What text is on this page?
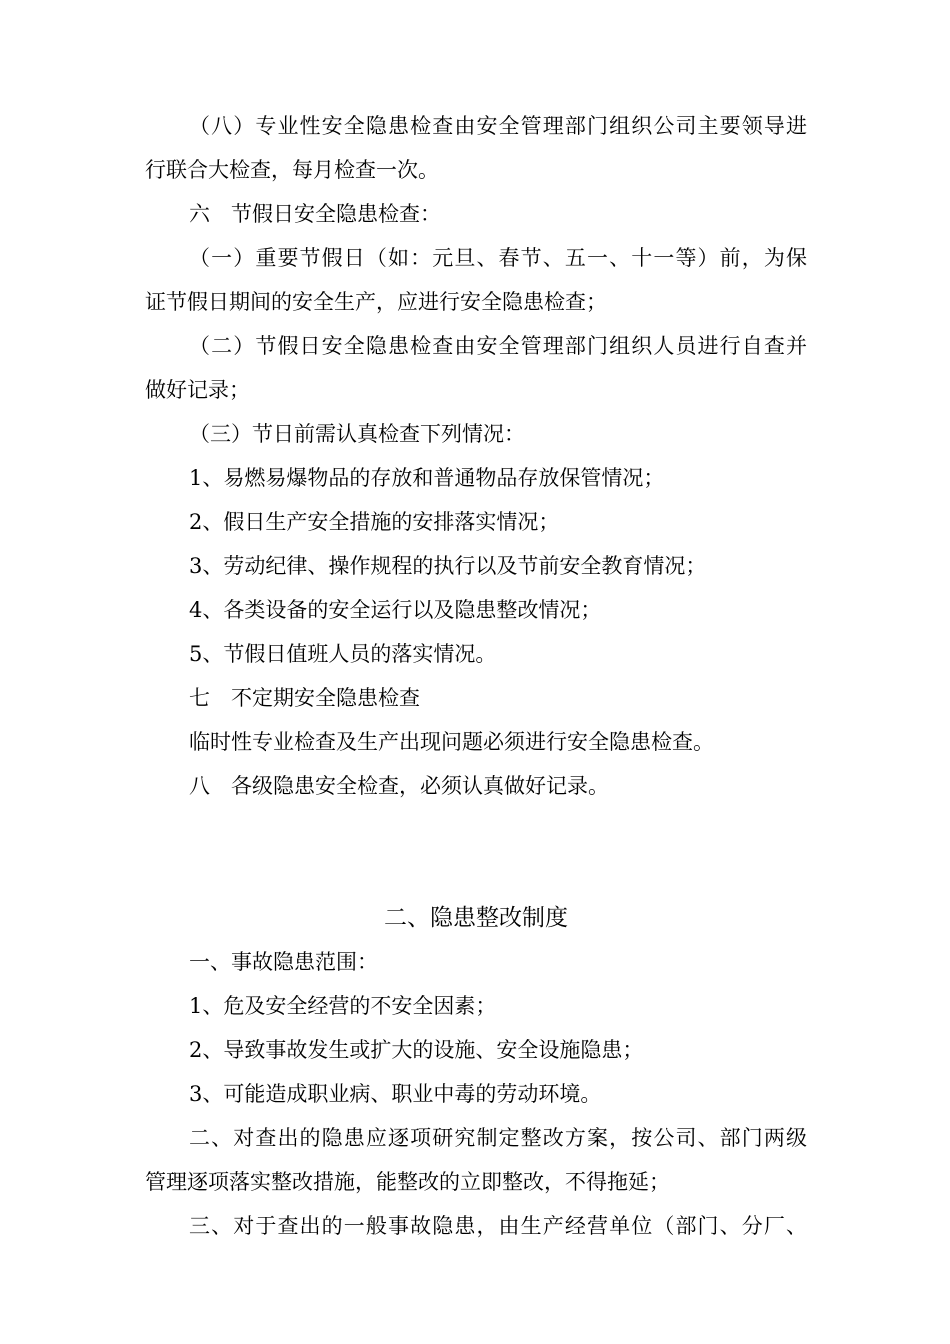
（八）专业性安全隐患检查由安全管理部门组织公司主要领导进
行联合大检查，每月检查一次。
六　节假日安全隐患检查：
（一）重要节假日（如：元旦、春节、五一、十一等）前，为保
证节假日期间的安全生产，应进行安全隐患检查；
（二）节假日安全隐患检查由安全管理部门组织人员进行自查并
做好记录；
（三）节日前需认真检查下列情况：
1、易燃易爆物品的存放和普通物品存放保管情况；
2、假日生产安全措施的安排落实情况；
3、劳动纪律、操作规程的执行以及节前安全教育情况；
4、各类设备的安全运行以及隐患整改情况；
5、节假日值班人员的落实情况。
七　不定期安全隐患检查
临时性专业检查及生产出现问题必须进行安全隐患检查。
八　各级隐患安全检查，必须认真做好记录。
二、隐患整改制度
一、事故隐患范围：
1、危及安全经营的不安全因素；
2、导致事故发生或扩大的设施、安全设施隐患；
3、可能造成职业病、职业中毒的劳动环境。
二、对查出的隐患应逐项研究制定整改方案，按公司、部门两级
管理逐项落实整改措施，能整改的立即整改，不得拖延；
三、对于查出的一般事故隐患，由生产经营单位（部门、分厂、
